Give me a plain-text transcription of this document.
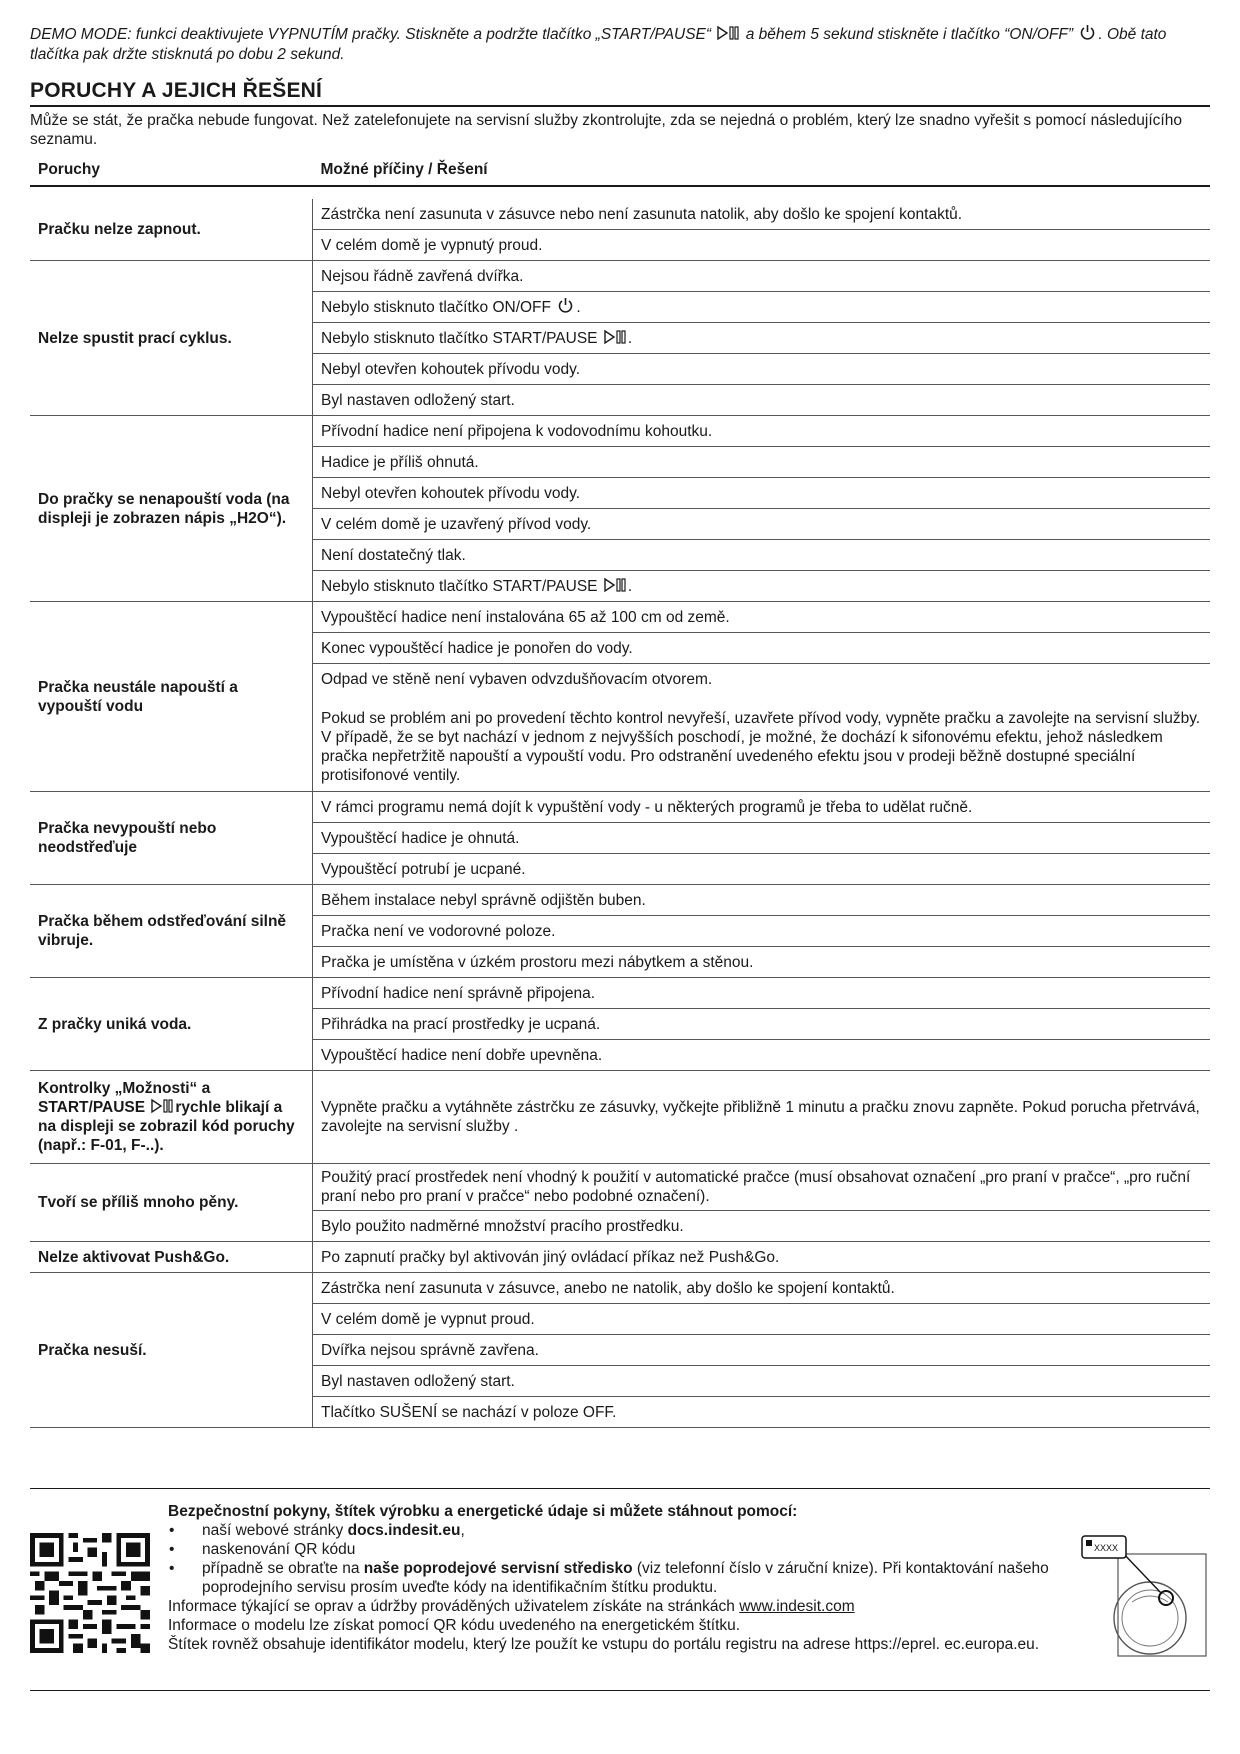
DEMO MODE: funkci deaktivujete VYPNUTÍM pračky. Stiskněte a podržte tlačítko „START/PAUSE“ a během 5 sekund stiskněte i tlačítko “ON/OFF” . Obě tato tlačítka pak držte stisknutá po dobu 2 sekund.

PORUCHY A JEJICH ŘEŠENÍ

Může se stát, že pračka nebude fungovat. Než zatelefonujete na servisní služby zkontrolujte, zda se nejedná o problém, který lze snadno vyřešit s pomocí následujícího seznamu.

Poruchy	Možné příčiny / Řešení

Pračku nelze zapnout.	Zástrčka není zasunuta v zásuvce nebo není zasunuta natolik, aby došlo ke spojení kontaktů.
	V celém domě je vypnutý proud.
Nelze spustit prací cyklus.	Nejsou řádně zavřená dvířka.
	Nebylo stisknuto tlačítko ON/OFF .
	Nebylo stisknuto tlačítko START/PAUSE .
	Nebyl otevřen kohoutek přívodu vody.
	Byl nastaven odložený start.
Do pračky se nenapouští voda (na displeji je zobrazen nápis „H2O“).	Přívodní hadice není připojena k vodovodnímu kohoutku.
	Hadice je příliš ohnutá.
	Nebyl otevřen kohoutek přívodu vody.
	V celém domě je uzavřený přívod vody.
	Není dostatečný tlak.
	Nebylo stisknuto tlačítko START/PAUSE .
Pračka neustále napouští a vypouští vodu	Vypouštěcí hadice není instalována 65 až 100 cm od země.
	Konec vypouštěcí hadice je ponořen do vody.

	Odpad ve stěně není vybaven odvzdušňovacím otvorem.
Pokud se problém ani po provedení těchto kontrol nevyřeší, uzavřete přívod vody, vypněte pračku a zavolejte na servisní služby. V případě, že se byt nachází v jednom z nejvyšších poschodí, je možné, že dochází k sifonovému efektu, jehož následkem pračka nepřetržitě napouští a vypouští vodu. Pro odstranění uvedeného efektu jsou v prodeji běžně dostupné speciální protisifonové ventily.

Pračka nevypouští nebo neodstřeďuje	V rámci programu nemá dojít k vypuštění vody - u některých programů je třeba to udělat ručně.
	Vypouštěcí hadice je ohnutá.
	Vypouštěcí potrubí je ucpané.
Pračka během odstřeďování silně vibruje.	Během instalace nebyl správně odjištěn buben.
	Pračka není ve vodorovné poloze.
	Pračka je umístěna v úzkém prostoru mezi nábytkem a stěnou.
Z pračky uniká voda.	Přívodní hadice není správně připojena.
	Přihrádka na prací prostředky je ucpaná.
	Vypouštěcí hadice není dobře upevněna.
Kontrolky „Možnosti“ a START/PAUSE rychle blikají a na displeji se zobrazil kód poruchy (např.: F-01, F-..).	Vypněte pračku a vytáhněte zástrčku ze zásuvky, vyčkejte přibližně 1 minutu a pračku znovu zapněte. Pokud porucha přetrvává, zavolejte na servisní služby .
Tvoří se příliš mnoho pěny.	Použitý prací prostředek není vhodný k použití v automatické pračce (musí obsahovat označení „pro praní v pračce“, „pro ruční praní nebo pro praní v pračce“ nebo podobné označení).
	Bylo použito nadměrné množství pracího prostředku.
Nelze aktivovat Push&Go.	Po zapnutí pračky byl aktivován jiný ovládací příkaz než Push&Go.
Pračka nesuší.	Zástrčka není zasunuta v zásuvce, anebo ne natolik, aby došlo ke spojení kontaktů.
	V celém domě je vypnut proud.
	Dvířka nejsou správně zavřena.
	Byl nastaven odložený start.
	Tlačítko SUŠENÍ se nachází v poloze OFF.

Bezpečnostní pokyny, štítek výrobku a energetické údaje si můžete stáhnout pomocí:

• naší webové stránky docs.indesit.eu,
• naskenování QR kódu
• případně se obraťte na naše poprodejové servisní středisko (viz telefonní číslo v záruční knize). Při kontaktování našeho poprodejního servisu prosím uveďte kódy na identifikačním štítku produktu.

Informace týkající se oprav a údržby prováděných uživatelem získáte na stránkách www.indesit.com

Informace o modelu lze získat pomocí QR kódu uvedeného na energetickém štítku.

Štítek rovněž obsahuje identifikátor modelu, který lze použít ke vstupu do portálu registru na adrese https://eprel. ec.europa.eu.

XXXX
